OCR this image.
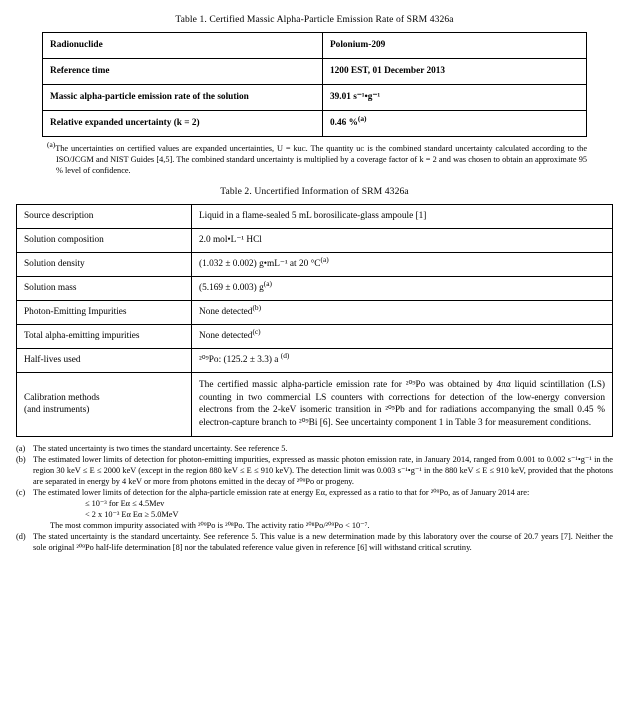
Table 1. Certified Massic Alpha-Particle Emission Rate of SRM 4326a
Radionuclide	Polonium-209
Reference time	1200 EST, 01 December 2013
Massic alpha-particle emission rate of the solution	39.01 s⁻¹•g⁻¹
Relative expanded uncertainty (k = 2)	0.46 %$^{(a)}$
(a)The uncertainties on certified values are expanded uncertainties, U = kuᴄ. The quantity uᴄ is the combined standard uncertainty calculated according to the ISO/JCGM and NIST Guides [4,5]. The combined standard uncertainty is multiplied by a coverage factor of k = 2 and was chosen to obtain an approximate 95 % level of confidence.
Table 2. Uncertified Information of SRM 4326a
Source description	Liquid in a flame-sealed 5 mL borosilicate-glass ampoule [1]
Solution composition	2.0 mol•L⁻¹ HCl
Solution density	(1.032 ± 0.002) g•mL⁻¹ at 20 °C$^{(a)}$
Solution mass	(5.169 ± 0.003) g$^{(a)}$
Photon-Emitting Impurities	None detected$^{(b)}$
Total alpha-emitting impurities	None detected$^{(c)}$
Half-lives used	²⁰⁹Po: (125.2 ± 3.3) a $^{(d)}$
Calibration methods
(and instruments)	The certified massic alpha-particle emission rate for ²⁰⁹Po was obtained by 4πα liquid scintillation (LS) counting in two commercial LS counters with corrections for detection of the low-energy conversion electrons from the 2-keV isomeric transition in ²⁰⁵Pb and for radiations accompanying the small 0.45 % electron-capture branch to ²⁰⁹Bi [6]. See uncertainty component 1 in Table 3 for measurement conditions.
(a) The stated uncertainty is two times the standard uncertainty. See reference 5.
(b) The estimated lower limits of detection for photon-emitting impurities, expressed as massic photon emission rate, in January 2014, ranged from 0.001 to 0.002 s⁻¹•g⁻¹ in the region 30 keV ≤ E ≤ 2000 keV (except in the region 880 keV ≤ E ≤ 910 keV). The detection limit was 0.003 s⁻¹•g⁻¹ in the 880 keV ≤ E ≤ 910 keV, provided that the photons are separated in energy by 4 keV or more from photons emitted in the decay of ²⁰⁹Po or progeny.
(c) The estimated lower limits of detection for the alpha-particle emission rate at energy Eα, expressed as a ratio to that for ²⁰⁹Po, as of January 2014 are:
≤ 10⁻³ for Eα ≤ 4.5Mev
< 2 x 10⁻³ Eα Eα ≥ 5.0MeV
The most common impurity associated with ²⁰⁹Po is ²⁰⁸Po. The activity ratio ²⁰⁸Po/²⁰⁹Po < 10⁻⁷.
(d) The stated uncertainty is the standard uncertainty. See reference 5. This value is a new determination made by this laboratory over the course of 20.7 years [7]. Neither the sole original ²⁰⁹Po half-life determination [8] nor the tabulated reference value given in reference [6] will withstand critical scrutiny.
